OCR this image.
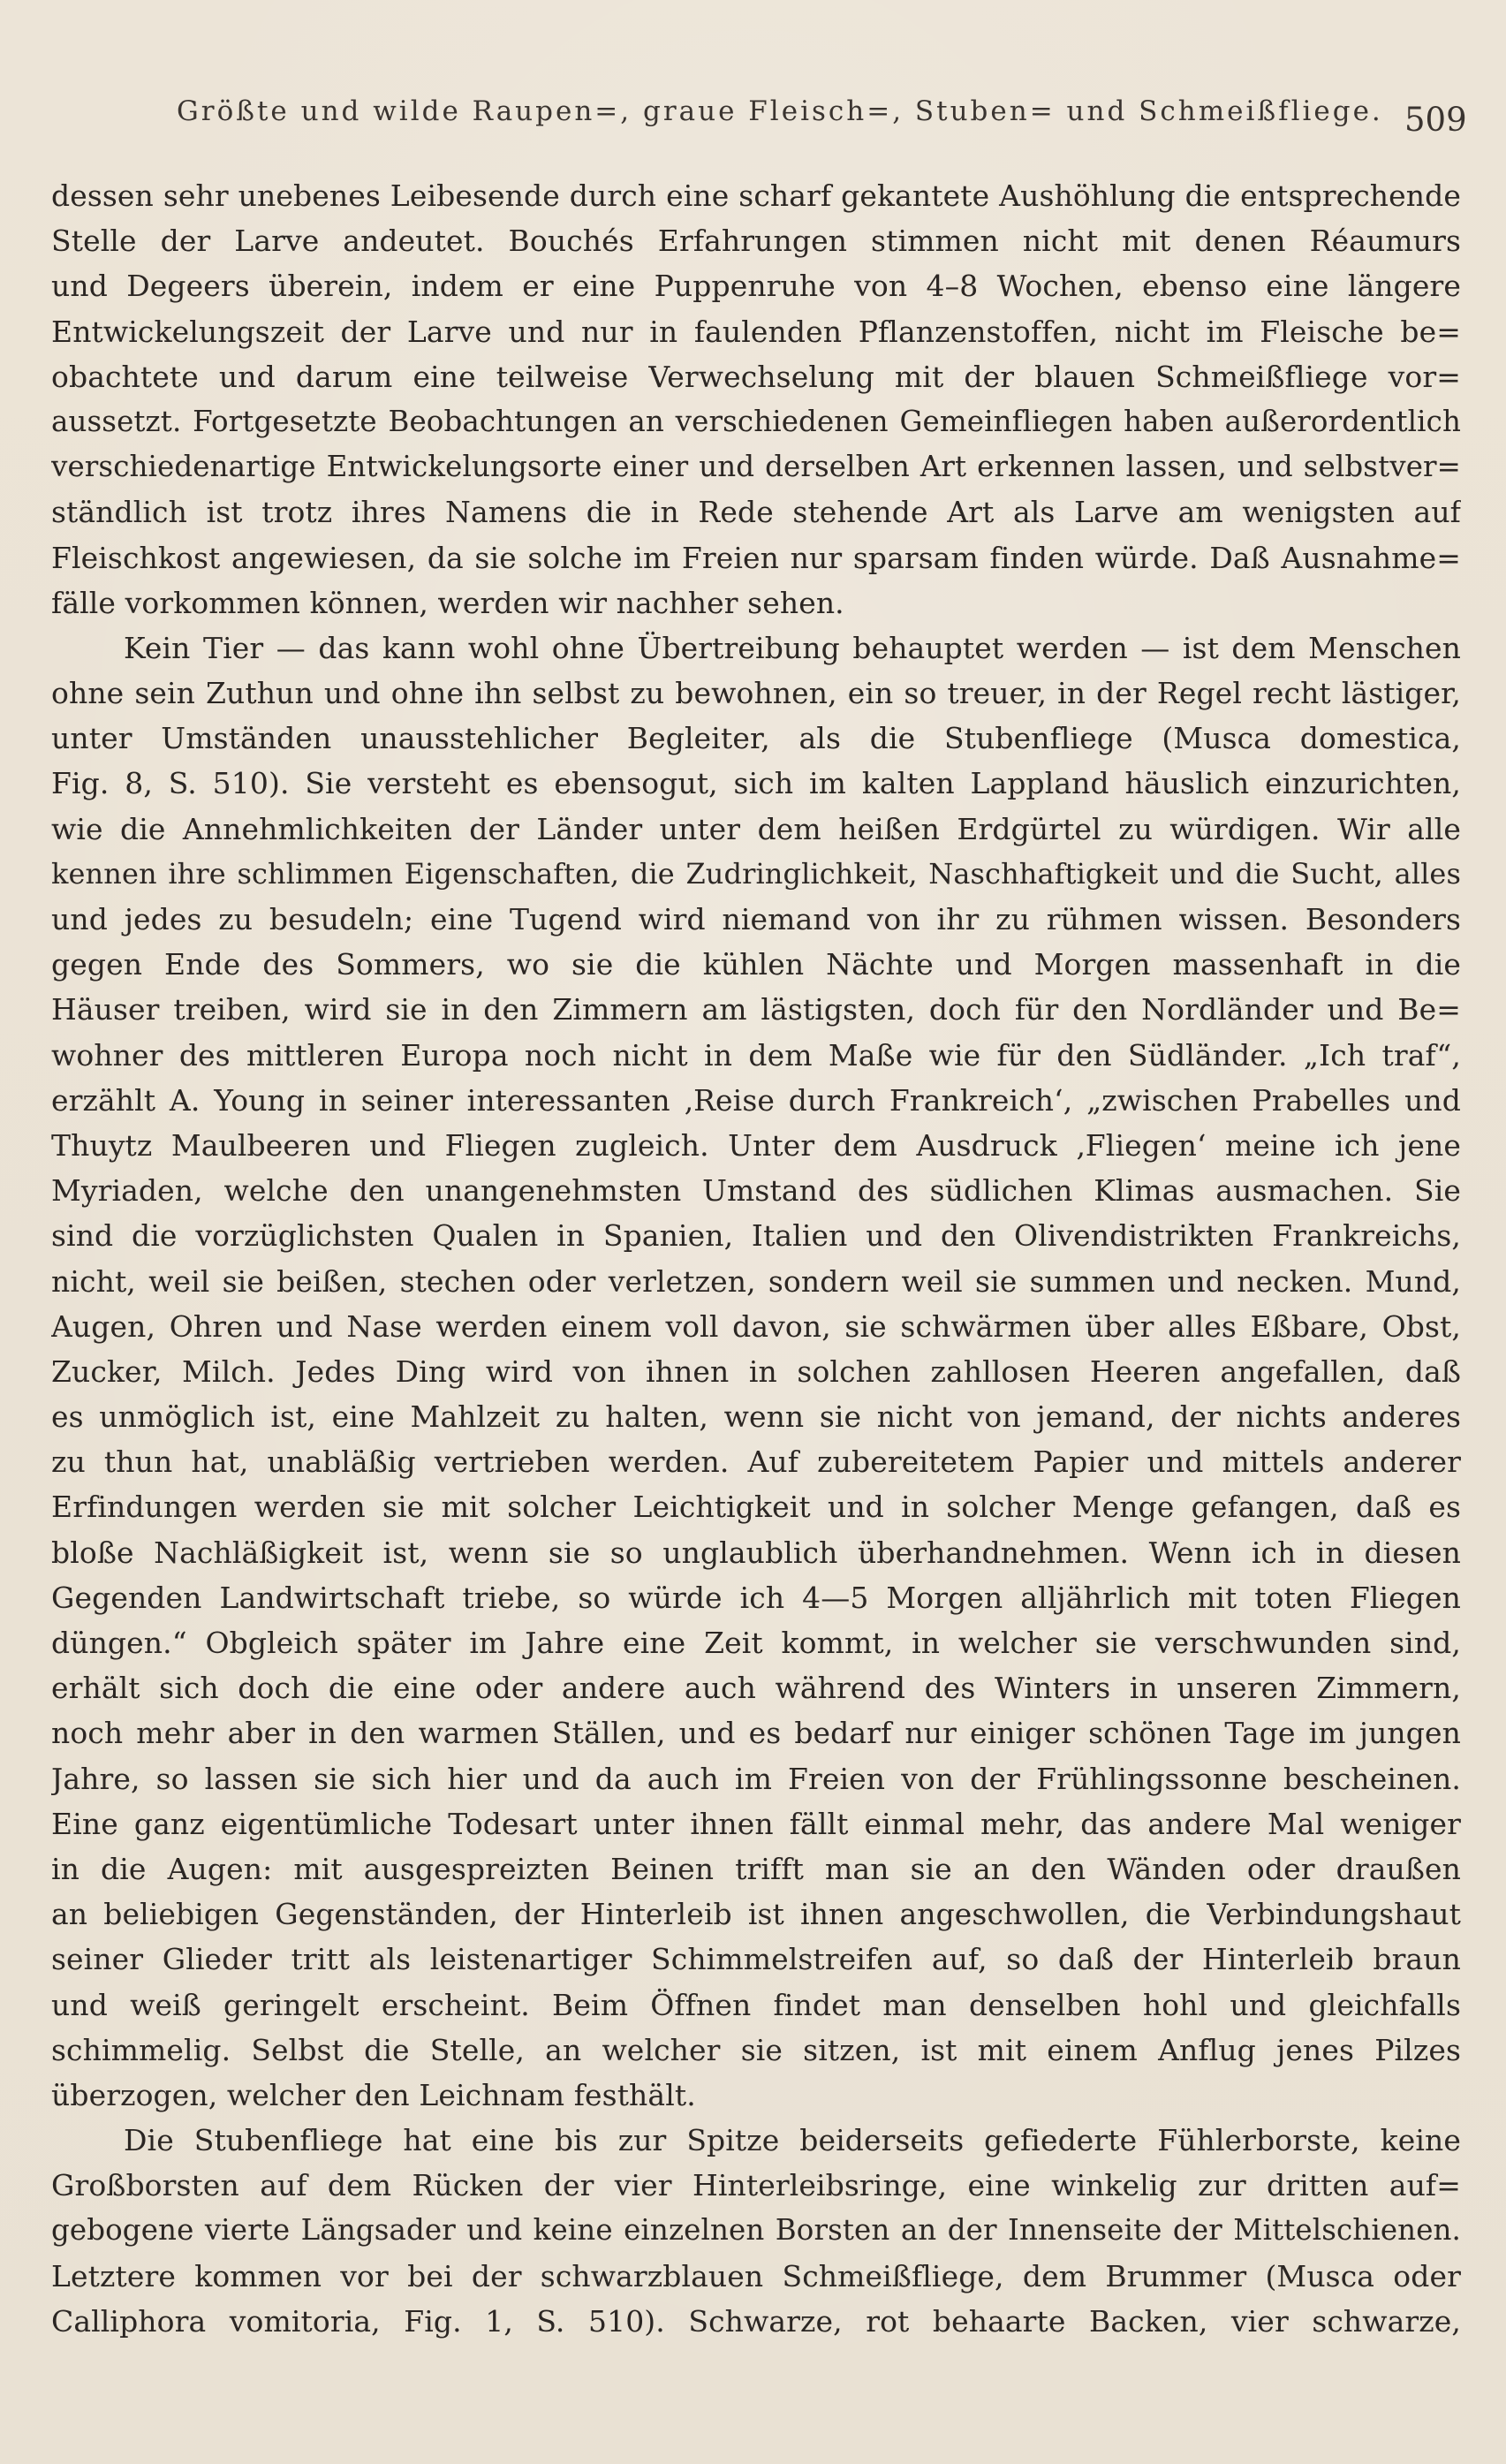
Größte und wilde Raupen=, graue Fleisch=, Stuben= und Schmeißfliege. 509
dessen sehr unebenes Leibesende durch eine scharf gekantete Aushöhlung die entsprechende
Stelle der Larve andeutet. Bouchés Erfahrungen stimmen nicht mit denen Réaumurs
und Degeers überein, indem er eine Puppenruhe von 4–8 Wochen, ebenso eine längere
Entwickelungszeit der Larve und nur in faulenden Pflanzenstoffen, nicht im Fleische be=
obachtete und darum eine teilweise Verwechselung mit der blauen Schmeißfliege vor=
aussetzt. Fortgesetzte Beobachtungen an verschiedenen Gemeinfliegen haben außerordentlich
verschiedenartige Entwickelungsorte einer und derselben Art erkennen lassen, und selbstver=
ständlich ist trotz ihres Namens die in Rede stehende Art als Larve am wenigsten auf
Fleischkost angewiesen, da sie solche im Freien nur sparsam finden würde. Daß Ausnahme=
fälle vorkommen können, werden wir nachher sehen.
Kein Tier — das kann wohl ohne Übertreibung behauptet werden — ist dem Menschen
ohne sein Zuthun und ohne ihn selbst zu bewohnen, ein so treuer, in der Regel recht lästiger,
unter Umständen unausstehlicher Begleiter, als die Stubenfliege (Musca domestica,
Fig. 8, S. 510). Sie versteht es ebensogut, sich im kalten Lappland häuslich einzurichten,
wie die Annehmlichkeiten der Länder unter dem heißen Erdgürtel zu würdigen. Wir alle
kennen ihre schlimmen Eigenschaften, die Zudringlichkeit, Naschhaftigkeit und die Sucht, alles
und jedes zu besudeln; eine Tugend wird niemand von ihr zu rühmen wissen. Besonders
gegen Ende des Sommers, wo sie die kühlen Nächte und Morgen massenhaft in die
Häuser treiben, wird sie in den Zimmern am lästigsten, doch für den Nordländer und Be=
wohner des mittleren Europa noch nicht in dem Maße wie für den Südländer. „Ich traf“,
erzählt A. Young in seiner interessanten ‚Reise durch Frankreich‘, „zwischen Prabelles und
Thuytz Maulbeeren und Fliegen zugleich. Unter dem Ausdruck ‚Fliegen‘ meine ich jene
Myriaden, welche den unangenehmsten Umstand des südlichen Klimas ausmachen. Sie
sind die vorzüglichsten Qualen in Spanien, Italien und den Olivendistrikten Frankreichs,
nicht, weil sie beißen, stechen oder verletzen, sondern weil sie summen und necken. Mund,
Augen, Ohren und Nase werden einem voll davon, sie schwärmen über alles Eßbare, Obst,
Zucker, Milch. Jedes Ding wird von ihnen in solchen zahllosen Heeren angefallen, daß
es unmöglich ist, eine Mahlzeit zu halten, wenn sie nicht von jemand, der nichts anderes
zu thun hat, unabläßig vertrieben werden. Auf zubereitetem Papier und mittels anderer
Erfindungen werden sie mit solcher Leichtigkeit und in solcher Menge gefangen, daß es
bloße Nachläßigkeit ist, wenn sie so unglaublich überhandnehmen. Wenn ich in diesen
Gegenden Landwirtschaft triebe, so würde ich 4—5 Morgen alljährlich mit toten Fliegen
düngen.“ Obgleich später im Jahre eine Zeit kommt, in welcher sie verschwunden sind,
erhält sich doch die eine oder andere auch während des Winters in unseren Zimmern,
noch mehr aber in den warmen Ställen, und es bedarf nur einiger schönen Tage im jungen
Jahre, so lassen sie sich hier und da auch im Freien von der Frühlingssonne bescheinen.
Eine ganz eigentümliche Todesart unter ihnen fällt einmal mehr, das andere Mal weniger
in die Augen: mit ausgespreizten Beinen trifft man sie an den Wänden oder draußen
an beliebigen Gegenständen, der Hinterleib ist ihnen angeschwollen, die Verbindungshaut
seiner Glieder tritt als leistenartiger Schimmelstreifen auf, so daß der Hinterleib braun
und weiß geringelt erscheint. Beim Öffnen findet man denselben hohl und gleichfalls
schimmelig. Selbst die Stelle, an welcher sie sitzen, ist mit einem Anflug jenes Pilzes
überzogen, welcher den Leichnam festhält.
Die Stubenfliege hat eine bis zur Spitze beiderseits gefiederte Fühlerborste, keine
Großborsten auf dem Rücken der vier Hinterleibsringe, eine winkelig zur dritten auf=
gebogene vierte Längsader und keine einzelnen Borsten an der Innenseite der Mittelschienen.
Letztere kommen vor bei der schwarzblauen Schmeißfliege, dem Brummer (Musca oder
Calliphora vomitoria, Fig. 1, S. 510). Schwarze, rot behaarte Backen, vier schwarze,
